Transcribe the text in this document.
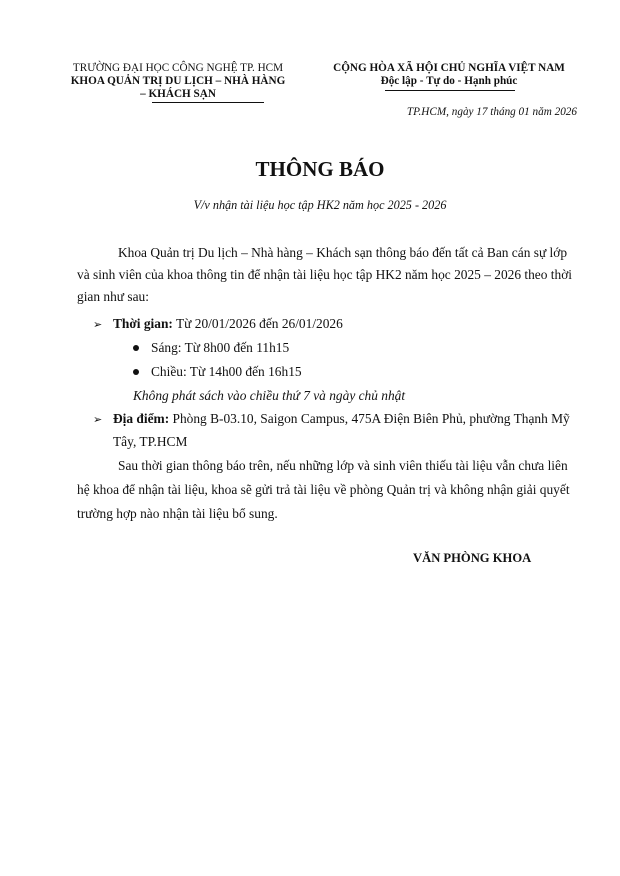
TRƯỜNG ĐẠI HỌC CÔNG NGHỆ TP. HCM
KHOA QUẢN TRỊ DU LỊCH – NHÀ HÀNG
– KHÁCH SẠN
CỘNG HÒA XÃ HỘI CHỦ NGHĨA VIỆT NAM
Độc lập - Tự do - Hạnh phúc
TP.HCM, ngày 17 tháng 01 năm 2026
THÔNG BÁO
V/v nhận tài liệu học tập HK2 năm học 2025 - 2026
Khoa Quản trị Du lịch – Nhà hàng – Khách sạn thông báo đến tất cả Ban cán sự lớp
và sinh viên của khoa thông tin để nhận tài liệu học tập HK2 năm học 2025 – 2026 theo thời
gian như sau:
➢ Thời gian: Từ 20/01/2026 đến 26/01/2026
Sáng: Từ 8h00 đến 11h15
Chiều: Từ 14h00 đến 16h15
Không phát sách vào chiều thứ 7 và ngày chủ nhật
➢ Địa điểm: Phòng B-03.10, Saigon Campus, 475A Điện Biên Phủ, phường Thạnh Mỹ
Tây, TP.HCM
Sau thời gian thông báo trên, nếu những lớp và sinh viên thiếu tài liệu vẫn chưa liên
hệ khoa để nhận tài liệu, khoa sẽ gửi trả tài liệu về phòng Quản trị và không nhận giải quyết
trường hợp nào nhận tài liệu bổ sung.
VĂN PHÒNG KHOA
